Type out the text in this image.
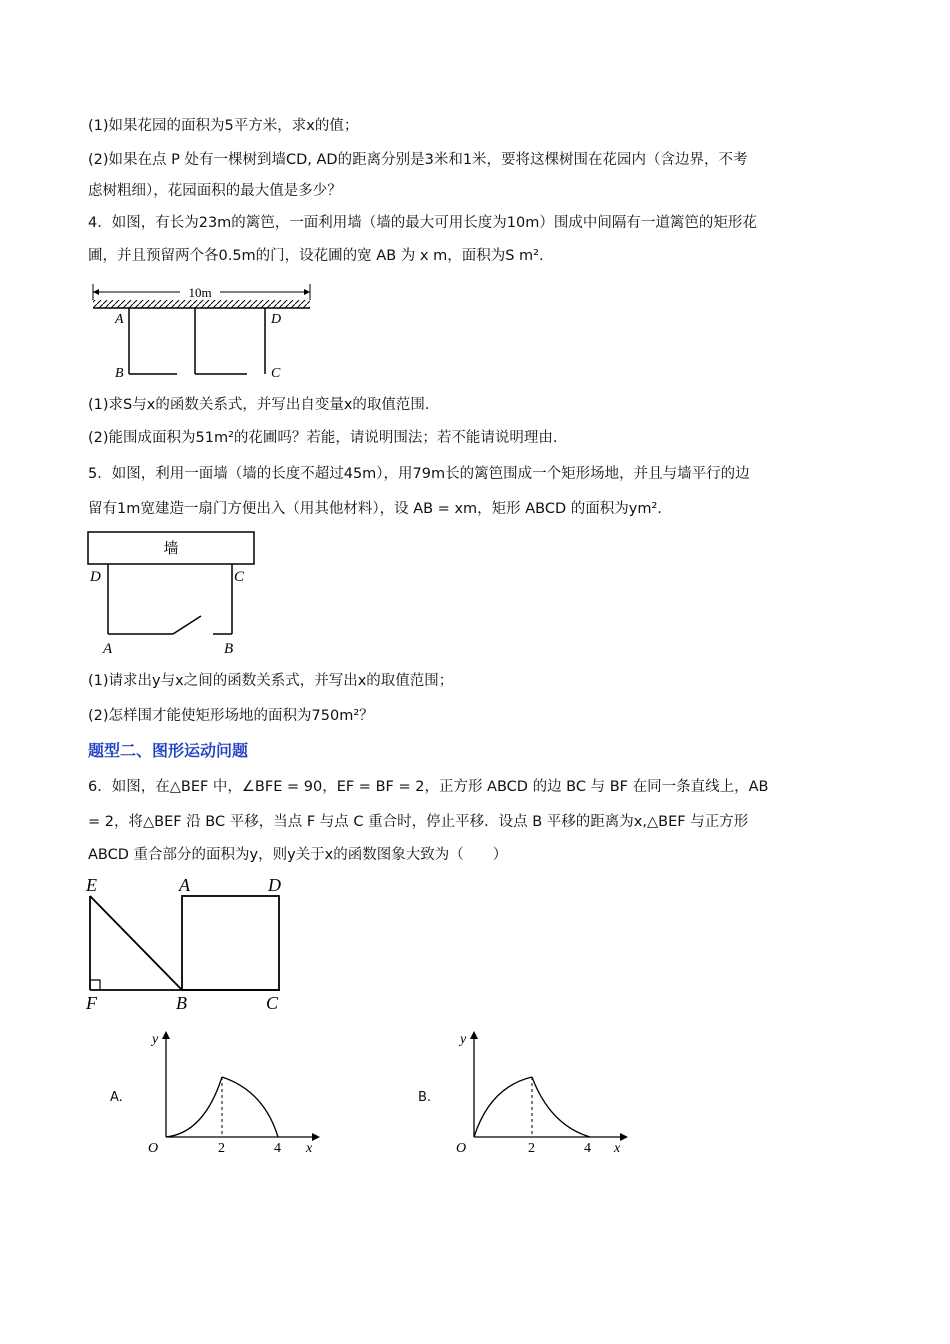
(1)如果花园的面积为5平方米，求x的值；
(2)如果在点 P 处有一棵树到墙CD, AD的距离分别是3米和1米，要将这棵树围在花园内（含边界，不考
虑树粗细），花园面积的最大值是多少？
4．如图，有长为23m的篱笆，一面利用墙（墙的最大可用长度为10m）围成中间隔有一道篱笆的矩形花
圃，并且预留两个各0.5m的门，设花圃的宽 AB 为 x m，面积为S m².
10m
A	D
B	C
(1)求S与x的函数关系式，并写出自变量x的取值范围.
(2)能围成面积为51m²的花圃吗？若能，请说明围法；若不能请说明理由.
5．如图，利用一面墙（墙的长度不超过45m），用79m长的篱笆围成一个矩形场地，并且与墙平行的边
留有1m宽建造一扇门方便出入（用其他材料），设 AB = xm，矩形 ABCD 的面积为ym².
墙
D	C
A	B
(1)请求出y与x之间的函数关系式，并写出x的取值范围；
(2)怎样围才能使矩形场地的面积为750m²？
题型二、图形运动问题
6．如图，在△BEF 中，∠BFE = 90，EF = BF = 2，正方形 ABCD 的边 BC 与 BF 在同一条直线上，AB
= 2，将△BEF 沿 BC 平移，当点 F 与点 C 重合时，停止平移．设点 B 平移的距离为x,△BEF 与正方形
ABCD 重合部分的面积为y，则y关于x的函数图象大致为（　　）
E	A	D
F	B	C
A.
y
x
O	2	4
B.
y
x
O	2	4
